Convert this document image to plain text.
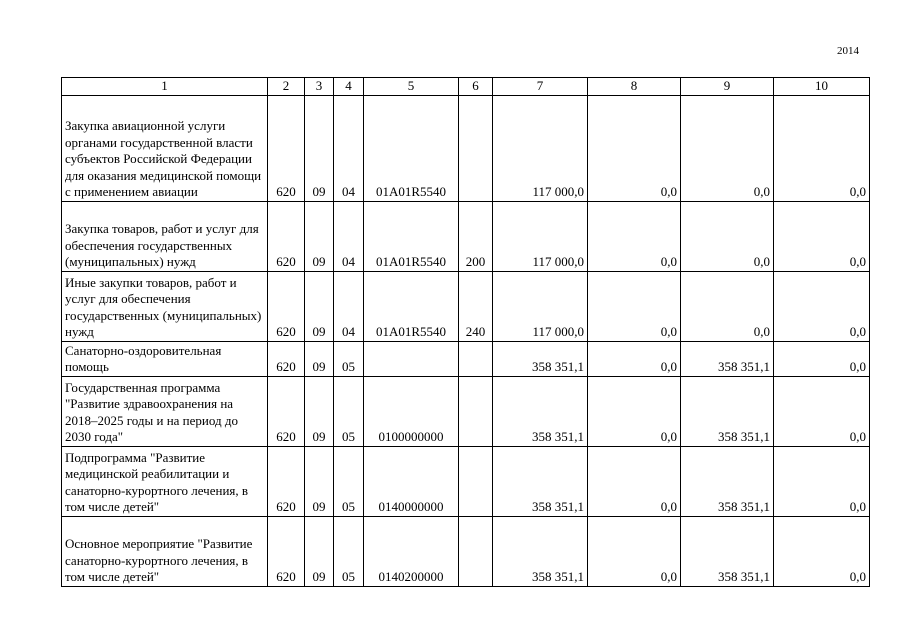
2014
1	2	3	4	5	6	7	8	9	10
Закупка авиационной услуги органами государственной власти субъектов Российской Федерации для оказания медицинской помощи с применением авиации	620	09	04	01А01R5540		117 000,0	0,0	0,0	0,0
Закупка товаров, работ и услуг для обеспечения государственных (муниципальных) нужд	620	09	04	01А01R5540	200	117 000,0	0,0	0,0	0,0
Иные закупки товаров, работ и услуг для обеспечения государственных (муниципальных) нужд	620	09	04	01А01R5540	240	117 000,0	0,0	0,0	0,0
Санаторно-оздоровительная помощь	620	09	05			358 351,1	0,0	358 351,1	0,0
Государственная программа "Развитие здравоохранения на 2018–2025 годы и на период до 2030 года"	620	09	05	0100000000		358 351,1	0,0	358 351,1	0,0
Подпрограмма "Развитие медицинской реабилитации и санаторно-курортного лечения, в том числе детей"	620	09	05	0140000000		358 351,1	0,0	358 351,1	0,0
Основное мероприятие "Развитие санаторно-курортного лечения, в том числе детей"	620	09	05	0140200000		358 351,1	0,0	358 351,1	0,0
